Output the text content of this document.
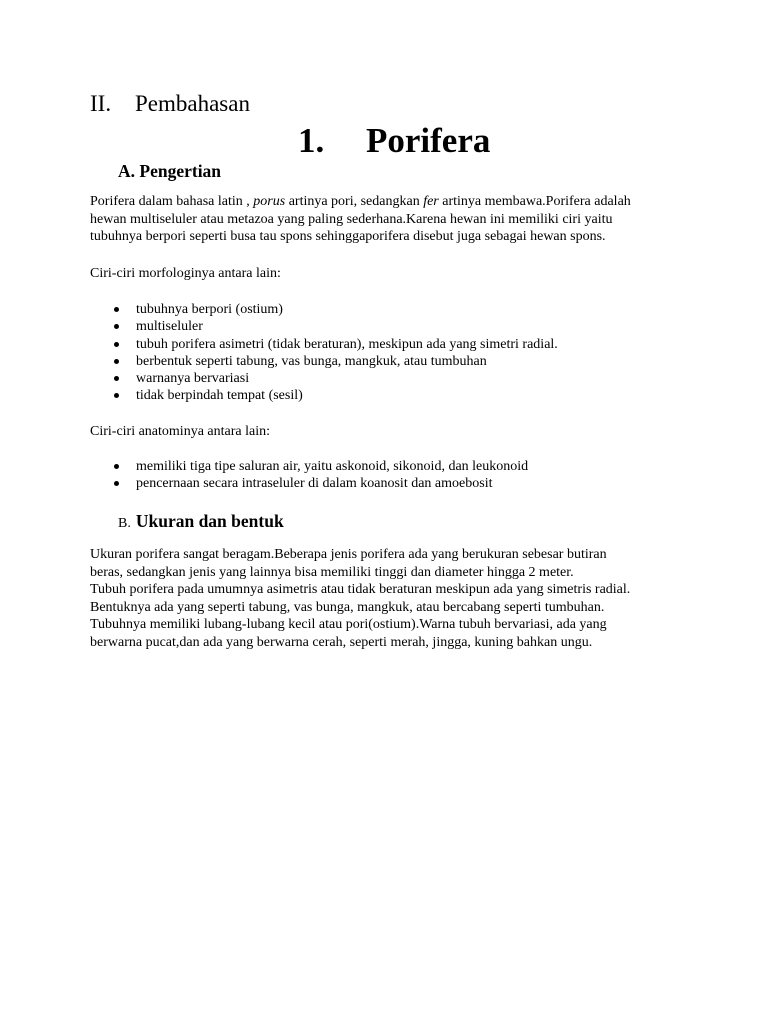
II. Pembahasan
1. Porifera
A. Pengertian

Porifera dalam bahasa latin , porus artinya pori, sedangkan fer artinya membawa.Porifera adalah
hewan multiseluler atau metazoa yang paling sederhana.Karena hewan ini memiliki ciri yaitu
tubuhnya berpori seperti busa tau spons sehinggaporifera disebut juga sebagai hewan spons.

Ciri-ciri morfologinya antara lain:

tubuhnya berpori (ostium)
multiseluler
tubuh porifera asimetri (tidak beraturan), meskipun ada yang simetri radial.
berbentuk seperti tabung, vas bunga, mangkuk, atau tumbuhan
warnanya bervariasi
tidak berpindah tempat (sesil)

Ciri-ciri anatominya antara lain:

memiliki tiga tipe saluran air, yaitu askonoid, sikonoid, dan leukonoid
pencernaan secara intraseluler di dalam koanosit dan amoebosit
B. Ukuran dan bentuk

Ukuran porifera sangat beragam.Beberapa jenis porifera ada yang berukuran sebesar butiran
beras, sedangkan jenis yang lainnya bisa memiliki tinggi dan diameter hingga 2 meter.
Tubuh porifera pada umumnya asimetris atau tidak beraturan meskipun ada yang simetris radial.
Bentuknya ada yang seperti tabung, vas bunga, mangkuk, atau bercabang seperti tumbuhan.
Tubuhnya memiliki lubang-lubang kecil atau pori(ostium).Warna tubuh bervariasi, ada yang
berwarna pucat,dan ada yang berwarna cerah, seperti merah, jingga, kuning bahkan ungu.
